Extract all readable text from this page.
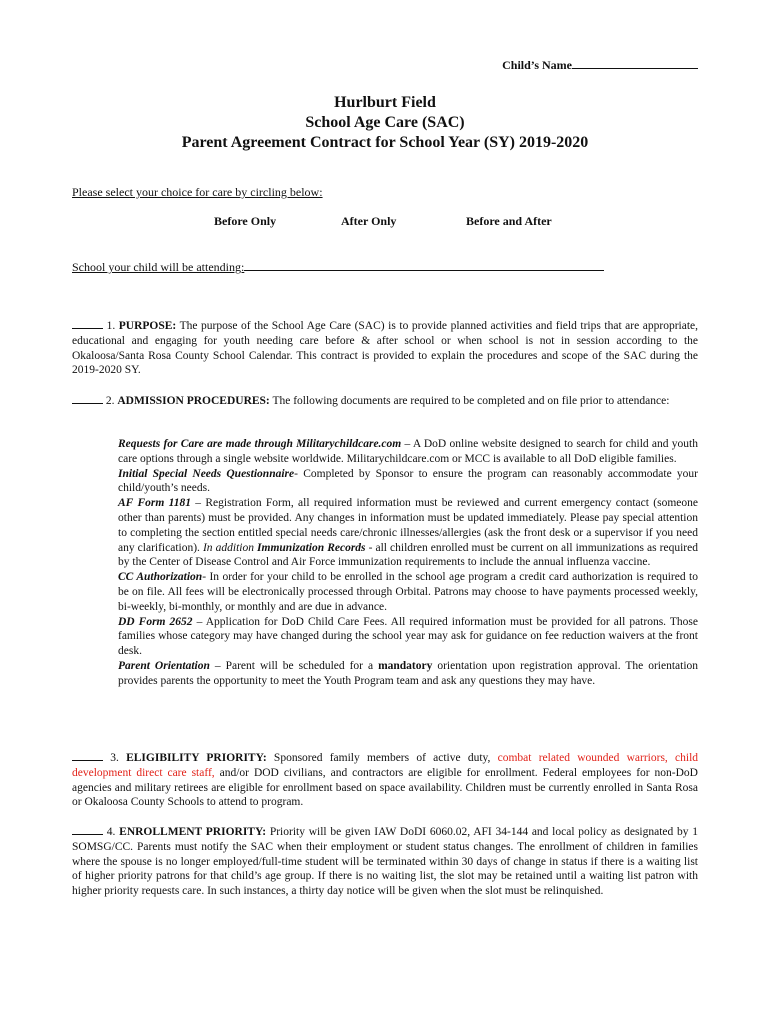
Child’s Name
Hurlburt Field
School Age Care (SAC)
Parent Agreement Contract for School Year (SY) 2019-2020
Please select your choice for care by circling below:
Before Only	After Only	Before and After
School your child will be attending:
1. PURPOSE: The purpose of the School Age Care (SAC) is to provide planned activities and field trips that are appropriate, educational and engaging for youth needing care before & after school or when school is not in session according to the Okaloosa/Santa Rosa County School Calendar. This contract is provided to explain the procedures and scope of the SAC during the 2019-2020 SY.
2. ADMISSION PROCEDURES: The following documents are required to be completed and on file prior to attendance:

Requests for Care are made through Militarychildcare.com – A DoD online website designed to search for child and youth care options through a single website worldwide. Militarychildcare.com or MCC is available to all DoD eligible families.

Initial Special Needs Questionnaire- Completed by Sponsor to ensure the program can reasonably accommodate your child/youth’s needs.

AF Form 1181 – Registration Form, all required information must be reviewed and current emergency contact (someone other than parents) must be provided. Any changes in information must be updated immediately. Please pay special attention to completing the section entitled special needs care/chronic illnesses/allergies (ask the front desk or a supervisor if you need any clarification). In addition Immunization Records - all children enrolled must be current on all immunizations as required by the Center of Disease Control and Air Force immunization requirements to include the annual influenza vaccine.

CC Authorization- In order for your child to be enrolled in the school age program a credit card authorization is required to be on file. All fees will be electronically processed through Orbital. Patrons may choose to have payments processed weekly, bi-weekly, bi-monthly, or monthly and are due in advance.

DD Form 2652 – Application for DoD Child Care Fees. All required information must be provided for all patrons. Those families whose category may have changed during the school year may ask for guidance on fee reduction waivers at the front desk.

Parent Orientation – Parent will be scheduled for a mandatory orientation upon registration approval. The orientation provides parents the opportunity to meet the Youth Program team and ask any questions they may have.

3. ELIGIBILITY PRIORITY: Sponsored family members of active duty, combat related wounded warriors, child development direct care staff, and/or DOD civilians, and contractors are eligible for enrollment. Federal employees for non-DoD agencies and military retirees are eligible for enrollment based on space availability. Children must be currently enrolled in Santa Rosa or Okaloosa County Schools to attend to program.
4. ENROLLMENT PRIORITY: Priority will be given IAW DoDI 6060.02, AFI 34-144 and local policy as designated by 1 SOMSG/CC. Parents must notify the SAC when their employment or student status changes. The enrollment of children in families where the spouse is no longer employed/full-time student will be terminated within 30 days of change in status if there is a waiting list of higher priority patrons for that child’s age group. If there is no waiting list, the slot may be retained until a waiting list patron with higher priority requests care. In such instances, a thirty day notice will be given when the slot must be relinquished.
